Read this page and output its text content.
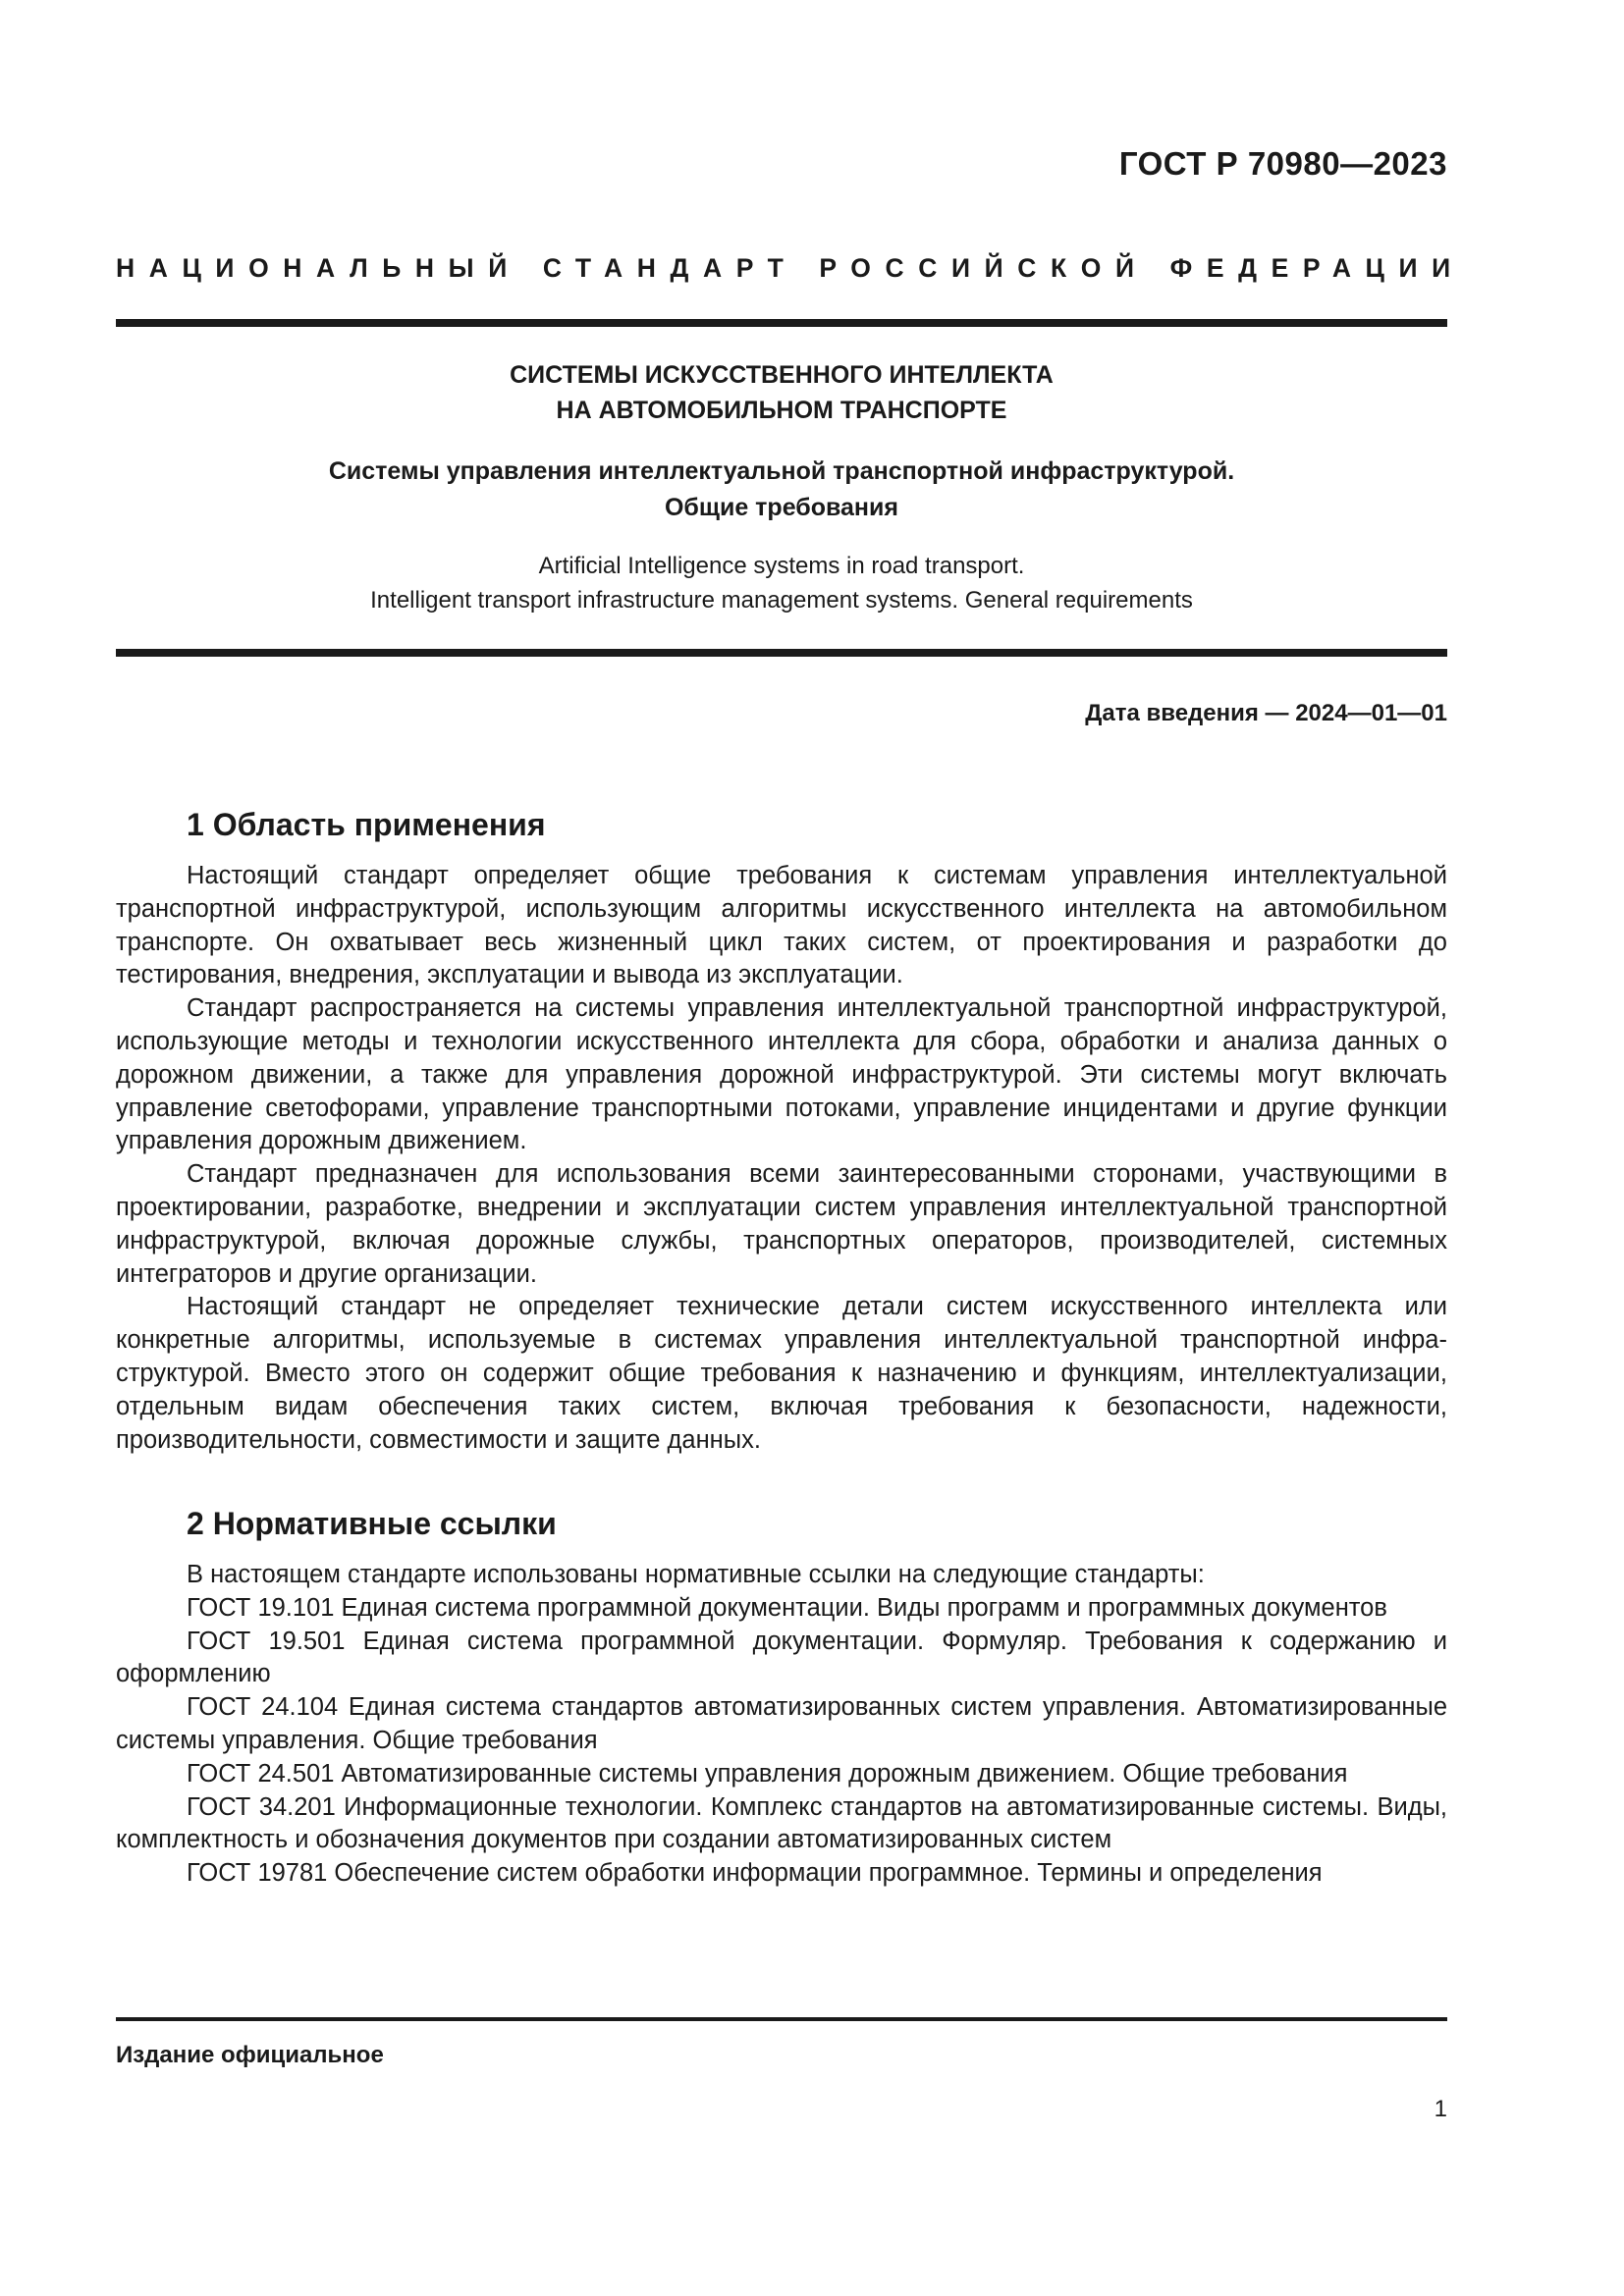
ГОСТ Р 70980—2023
НАЦИОНАЛЬНЫЙ СТАНДАРТ РОССИЙСКОЙ ФЕДЕРАЦИИ
СИСТЕМЫ ИСКУССТВЕННОГО ИНТЕЛЛЕКТА
НА АВТОМОБИЛЬНОМ ТРАНСПОРТЕ
Системы управления интеллектуальной транспортной инфраструктурой.
Общие требования
Artificial Intelligence systems in road transport.
Intelligent transport infrastructure management systems. General requirements
Дата введения — 2024—01—01
1 Область применения

Настоящий стандарт определяет общие требования к системам управления интеллектуальной транспортной инфраструктурой, использующим алгоритмы искусственного интеллекта на автомобильном транспорте. Он охватывает весь жизненный цикл таких систем, от проектирования и разработки до тестирования, внедрения, эксплуатации и вывода из эксплуатации.

Стандарт распространяется на системы управления интеллектуальной транспортной инфраструктурой, использующие методы и технологии искусственного интеллекта для сбора, обработки и анализа данных о дорожном движении, а также для управления дорожной инфраструктурой. Эти системы могут включать управление светофорами, управление транспортными потоками, управление инцидентами и другие функции управления дорожным движением.

Стандарт предназначен для использования всеми заинтересованными сторонами, участвующими в проектировании, разработке, внедрении и эксплуатации систем управления интеллектуальной транспортной инфраструктурой, включая дорожные службы, транспортных операторов, производителей, системных интеграторов и другие организации.

Настоящий стандарт не определяет технические детали систем искусственного интеллекта или конкретные алгоритмы, используемые в системах управления интеллектуальной транспортной инфраструктурой. Вместо этого он содержит общие требования к назначению и функциям, интеллектуализации, отдельным видам обеспечения таких систем, включая требования к безопасности, надежности, производительности, совместимости и защите данных.

2 Нормативные ссылки

В настоящем стандарте использованы нормативные ссылки на следующие стандарты:

ГОСТ 19.101 Единая система программной документации. Виды программ и программных документов

ГОСТ 19.501 Единая система программной документации. Формуляр. Требования к содержанию и оформлению

ГОСТ 24.104 Единая система стандартов автоматизированных систем управления. Автоматизированные системы управления. Общие требования

ГОСТ 24.501 Автоматизированные системы управления дорожным движением. Общие требования

ГОСТ 34.201 Информационные технологии. Комплекс стандартов на автоматизированные системы. Виды, комплектность и обозначения документов при создании автоматизированных систем

ГОСТ 19781 Обеспечение систем обработки информации программное. Термины и определения

Издание официальное
1
